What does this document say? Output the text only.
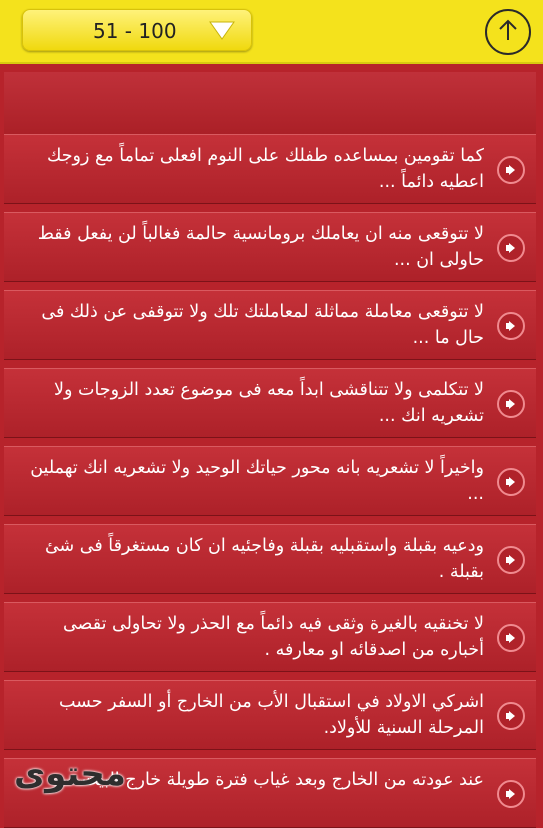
51 - 100
كما تقومين بمساعده طفلك على النوم افعلى تماماً مع زوجك اعطيه دائماً ...
لا تتوقعى منه ان يعاملك برومانسية حالمة فغالباً لن يفعل فقط حاولى ان ...
لا تتوقعى معاملة مماثلة لمعاملتك تلك ولا تتوقفى عن ذلك فى حال ما ...
لا تتكلمى ولا تتناقشى ابداً معه فى موضوع تعدد الزوجات ولا تشعريه انك ...
واخيراً لا تشعريه بانه محور حياتك الوحيد ولا تشعريه انك تهملين ...
ودعيه بقبلة واستقبليه بقبلة وفاجئيه ان كان مستغرقاً فى شئ بقبلة .
لا تخنقيه بالغيرة وثقى فيه دائماً مع الحذر ولا تحاولى تقصى أخباره من اصدقائه او معارفه .
اشركي الاولاد في استقبال الأب من الخارج أو السفر حسب المرحلة السنية للأولاد.
عند عودته من الخارج وبعد غياب فترة طويلة خارج البيت
محتوى
